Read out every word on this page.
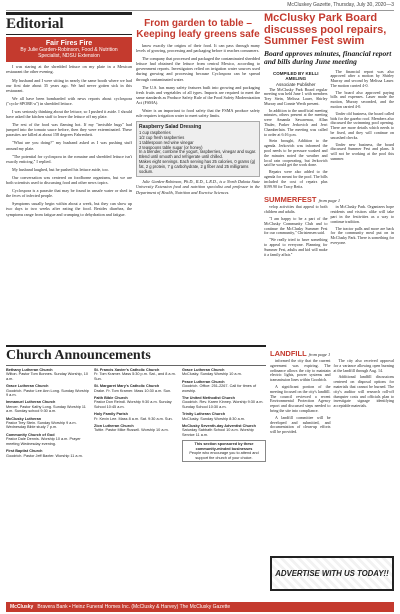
McCluskey Gazette, Thursday, July 30, 2020—3
Editorial
Fair Fires Fire
By Julie Garden-Robinson, Food & Nutrition Specialist, NDSU Extension

I was staring at the shredded lettuce on my plate in a Mexican restaurant the other evening.

My husband and I were sitting in nearly the same booth where we had our first date about 35 years ago. We had never gotten sick in this restaurant.

We all have been bombarded with news reports about cyclospora ("cyclo-SPORE-a") in shredded lettuce.

I was seriously thinking about the lettuce, so I pushed it aside. I should have asked the kitchen staff to leave the lettuce off my plate.

The rest of the food was flaming hot. If my "invisible bugs" had jumped into the tomato sauce before, then they were exterminated. These parasites are killed at about 158 degrees Fahrenheit.

"What are you doing?" my husband asked as I was pushing stuff around my plate.

"The potential for cyclospora in the romaine and shredded lettuce isn't exactly enticing," I replied.

My husband laughed, but he pushed his lettuce aside, too.

Our conversation was centered on foodborne organisms, but we are both scientists used to discussing food and other news topics.

Cyclospora is a parasite that may be found in unsafe water or shed in the feces of infected people.

Symptoms usually begin within about a week, but they can show up two days to two weeks after eating the food. Besides diarrhea, the symptoms range from fatigue and cramping to dehydration and fatigue.

From garden to table – Keeping leafy greens safe

know exactly the origins of their food. It can pass through many levels of growing, processing and packaging before it reaches consumers.

The company that processed and packaged the contaminated shredded lettuce had obtained the lettuce from central Mexico, according to government reports. Investigators relied on irrigation water sources used during growing and processing because Cyclospora can be spread through contaminated water.

The U.S. has many safety features built into growing and packaging fresh fruits and vegetables of all types. Imports are required to meet the same standards as Produce Safety Rule of the Food Safety Modernization Act (FSMA).

Water is an important to food safety that the FSMA produce safety rule requires irrigation water to meet safety limits.

Raspberry Salad Dressing
1 cup raspberries
1/2 cup fresh raspberries
1 tablespoon red wine vinegar
2 teaspoons table sugar (or honey)
In a blender, combine the yogurt, raspberries, vinegar and sugar. Blend until smooth and refrigerate until chilled.
Makes eight servings. Each serving has 25 calories, 0 grams (g) fat, 2 g protein, 7 g carbohydrate, 2 g fiber and 25 milligrams sodium.

Julie Garden-Robinson, Ph.D., R.D., L.R.D., is a North Dakota State University Extension food and nutrition specialist and professor in the Department of Health, Nutrition and Exercise Sciences.

McClusky Park Board discusses pool repairs, Summer Fest swim
Board approves minutes, financial report and bills during June meeting
COMPILED BY KELLI AMELING
Associate Publisher

The McClusky Park Board regular meeting was held June 1 with members Trey Stein, Melissa Lauer, Shirley Murray and Connie Werth present.

In addition to the unofficial meeting minutes, others present at the meeting were Amanda Sawarenau, Allan Thuler, Parker Jerkovich and Jerri Chamberlain. The meeting was called to order at 6:16 p.m.

Stein brought, Addition to the agenda. Jerkovich was informed the pool needs to be pressure washed and the minutes noted the weather and local rain cooperating, but Jerkovich said he would get the work done.

Repairs were also added to the agenda for meant for the pool. The bills included the cost of repairs plus $199.90 for Tracy Reitz.

The financial report was also approved after a motion by Shirley Murray and second by Melissa Lauer. The motion carried 4-0.

The board also approved paying bills and expenses. Lauer made the motion, Murray seconded, and the motion carried 4-0.

Under old business, the board called bids for the gazebo roof. Members also discussed the swimming pool opening. There are more details which needs to be fixed, and they will continue on uncashed checks.

Under new business, the board discussed Summer Fest and plans. It will not be working at the pool this summer.

SUMMERFEST from page 1

velop activities that appeal to both children and adults.

"I am happy to be a part of the McClusky Community Club and to continue the McClusky Summer Fest for our community," Christensen said.

"We really tried to have something to appeal to everyone. Planning for Summer Fest, adults and kid will make it a family affair."

in McClusky Park. Organizers hope residents and visitors alike will take part in the festivities as a way to continue tradition.

The tractor pulls and more are back for the community meal put on in McClusky Park. There is something for everyone.

Church Announcements
Bethany Lutheran Church
Wilton. Pastor Tom Bonnes. Sunday Worship, 10 a.m.
Grace Lutheran Church
Goodrich. Pastor Lee Ann Long. Sunday Worship 9 a.m.
Immanuel Lutheran Church
Mercer. Pastor Kathy Long. Sunday Worship 11 a.m. Sunday school 9:30 a.m.
McClusky Lutheran
Pastor Trey Stein. Sunday Worship 9 a.m. Wednesday Bible study 7 p.m.
Community Church of God
Pastor Dale Dennis. Worship 10 a.m. Prayer meeting Wednesday evening.
First Baptist Church
Goodrich. Pastor Jeff Baxter. Worship 11 a.m.
St. Francis Xavier's Catholic Church
Fr. Tom Kramer. Mass 5:30 p.m. Sat., and 8 a.m. Sun.
St. Margaret Mary's Catholic Church
Drake. Fr. Tom Kramer. Mass 10:30 a.m. Sun.
Faith Bible Church
Pastor Don Reindl. Worship 9:30 a.m. Sunday School 10:45 a.m.
Holy Family Parish
Fr. Kevin Lee. Mass 8 a.m. Sat. 9:30 a.m. Sun.
Zion Lutheran Church
Tuttle. Pastor Mike Russell. Worship 10 a.m.
Grace Lutheran Church
McClusky. Sunday Worship 10 a.m.
Peace Lutheran Church
Goodrich. Office: 251-2267. Call for times of worship.
The United Methodist Church
Goodrich. Rev. Karen Kinney. Worship 9:30 a.m. Sunday School 10:30 a.m.
Trinity Lutheran Church
McClusky. Sunday Worship 8:30 a.m.
McClusky Seventh-day Adventist Church
Saturday Sabbath School 10 a.m. Worship Service 11 a.m.
This section sponsored by these community-minded businesses
People who encourage you to attend and support the church of your choice.
LANDFILL from page 1

informed the city that the current agreement was expiring. The ordinance allows the city to maintain electric lights, power systems and transmission lines within Goodrich.

A significant portion of the meeting focused on the city's landfill. The council reviewed a recent Environmental Protection Agency report and discussed steps needed to bring the site into compliance.

A landfill committee will be developed and submitted, and documentation of clean-up efforts will be provided.

The city also received approval for a variance allowing open burning at the landfill through Aug. 14.

Additional landfill discussions centered on disposal options for materials that cannot be burned. The city's auditor will research roll-off dumpster costs and officials plan to investigate signage identifying acceptable materials.

ADVERTISE WITH US TODAY!!
McClusky Bravera Bank • Heinz Funeral Homes Inc. (McClusky & Harvey) The McClusky Gazette
